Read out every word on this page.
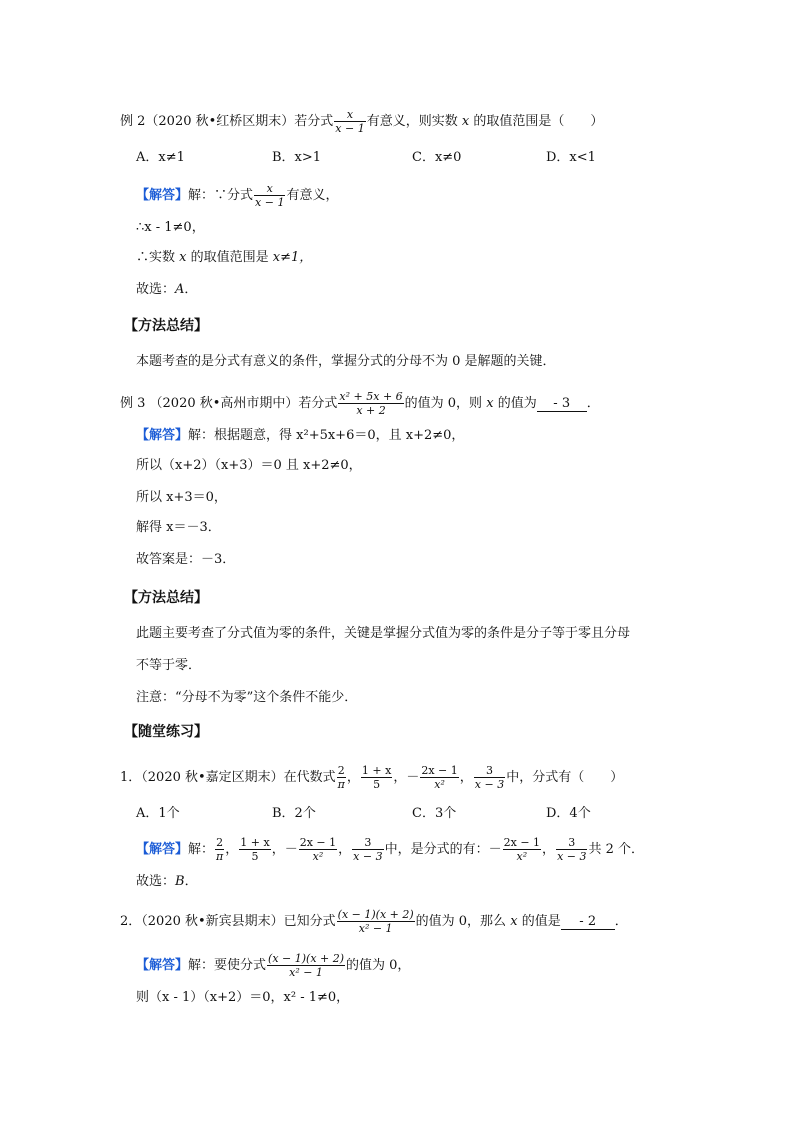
例 2（2020 秋•红桥区期末）若分式 $\frac{x}{x - 1}$ 有意义，则实数 x 的取值范围是（　　）
A．x≠1	B．x>1	C．x≠0	D．x<1
【解答】解：∵分式 $\frac{x}{x - 1}$ 有意义，
∴x - 1≠0，
∴实数 x 的取值范围是 x≠1，
故选：A．
【方法总结】
本题考查的是分式有意义的条件，掌握分式的分母不为 0 是解题的关键．
例 3 （2020 秋•高州市期中）若分式 $\frac{\text{x² + 5x + 6}}{x + 2}$ 的值为 0，则 x 的值为 - 3 ．
【解答】解：根据题意，得 x²+5x+6＝0，且 x+2≠0，
所以（x+2）（x+3）＝0 且 x+2≠0，
所以 x+3＝0，
解得 x＝－3．
故答案是：－3．
【方法总结】
此题主要考查了分式值为零的条件，关键是掌握分式值为零的条件是分子等于零且分母
不等于零．
注意：“分母不为零”这个条件不能少．
【随堂练习】
1．（2020 秋•嘉定区期末）在代数式 $\frac{2}{\pi}$ ， $\frac{1 + x}{5}$ ，－ $\frac{2x - 1}{\text{x²}}$ ， $\frac{3}{x - 3}$ 中，分式有（　　）
A．1个	B．2个	C．3个	D．4个
【解答】解： $\frac{2}{\pi}$ ， $\frac{1 + x}{5}$ ，－ $\frac{2x - 1}{\text{x²}}$ ， $\frac{3}{x - 3}$ 中，是分式的有：－ $\frac{2x - 1}{\text{x²}}$ ， $\frac{3}{x - 3}$ 共 2 个．
故选：B．
2．（2020 秋•新宾县期末）已知分式 $\frac{(x - 1)(x + 2)}{\text{x² − 1}}$ 的值为 0，那么 x 的值是 - 2 ．
【解答】解：要使分式 $\frac{(x - 1)(x + 2)}{\text{x² − 1}}$ 的值为 0，
则（x - 1）（x+2）＝0，x² - 1≠0，
